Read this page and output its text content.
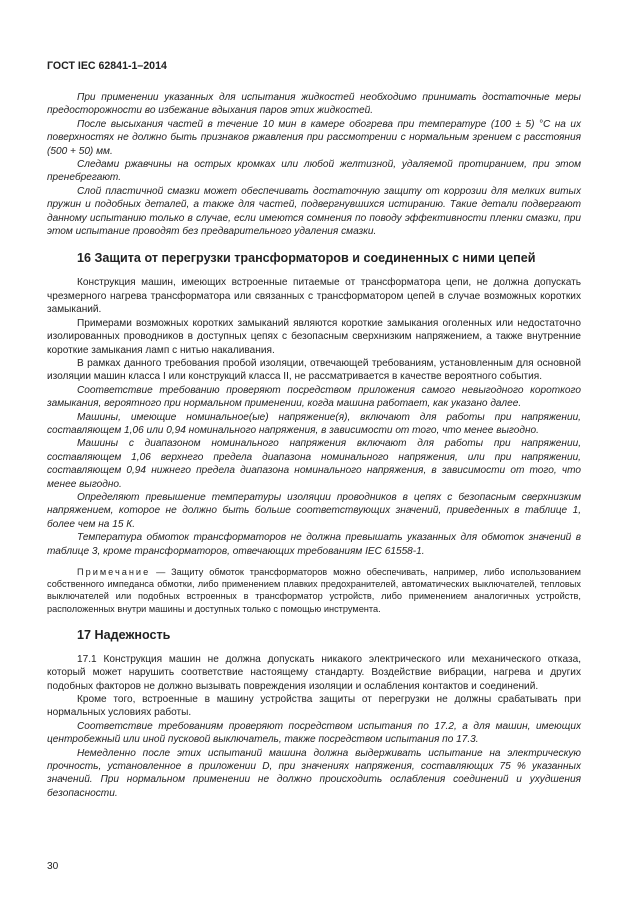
ГОСТ IEC 62841-1–2014

При применении указанных для испытания жидкостей необходимо принимать достаточные меры предосторожности во избежание вдыхания паров этих жидкостей.

После высыхания частей в течение 10 мин в камере обогрева при температуре (100 ± 5) °С на их поверхностях не должно быть признаков ржавления при рассмотрении с нормальным зрением с расстояния (500 + 50) мм.

Следами ржавчины на острых кромках или любой желтизной, удаляемой протиранием, при этом пренебрегают.

Слой пластичной смазки может обеспечивать достаточную защиту от коррозии для мелких витых пружин и подобных деталей, а также для частей, подвергнувшихся истиранию. Такие детали подвергают данному испытанию только в случае, если имеются сомнения по поводу эффективности пленки смазки, при этом испытание проводят без предварительного удаления смазки.

16 Защита от перегрузки трансформаторов и соединенных с ними цепей

Конструкция машин, имеющих встроенные питаемые от трансформатора цепи, не должна допускать чрезмерного нагрева трансформатора или связанных с трансформатором цепей в случае возможных коротких замыканий.

Примерами возможных коротких замыканий являются короткие замыкания оголенных или недостаточно изолированных проводников в доступных цепях с безопасным сверхнизким напряжением, а также внутренние короткие замыкания ламп с нитью накаливания.

В рамках данного требования пробой изоляции, отвечающей требованиям, установленным для основной изоляции машин класса I или конструкций класса II, не рассматривается в качестве вероятного события.

Соответствие требованию проверяют посредством приложения самого невыгодного короткого замыкания, вероятного при нормальном применении, когда машина работает, как указано далее.

Машины, имеющие номинальное(ые) напряжение(я), включают для работы при напряжении, составляющем 1,06 или 0,94 номинального напряжения, в зависимости от того, что менее выгодно.

Машины с диапазоном номинального напряжения включают для работы при напряжении, составляющем 1,06 верхнего предела диапазона номинального напряжения, или при напряжении, составляющем 0,94 нижнего предела диапазона номинального напряжения, в зависимости от того, что менее выгодно.

Определяют превышение температуры изоляции проводников в цепях с безопасным сверхнизким напряжением, которое не должно быть больше соответствующих значений, приведенных в таблице 1, более чем на 15 К.

Температура обмоток трансформаторов не должна превышать указанных для обмоток значений в таблице 3, кроме трансформаторов, отвечающих требованиям IEC 61558-1.

Примечание — Защиту обмоток трансформаторов можно обеспечивать, например, либо использованием собственного импеданса обмотки, либо применением плавких предохранителей, автоматических выключателей, тепловых выключателей или подобных встроенных в трансформатор устройств, либо применением аналогичных устройств, расположенных внутри машины и доступных только с помощью инструмента.

17 Надежность

17.1 Конструкция машин не должна допускать никакого электрического или механического отказа, который может нарушить соответствие настоящему стандарту. Воздействие вибрации, нагрева и других подобных факторов не должно вызывать повреждения изоляции и ослабления контактов и соединений.

Кроме того, встроенные в машину устройства защиты от перегрузки не должны срабатывать при нормальных условиях работы.

Соответствие требованиям проверяют посредством испытания по 17.2, а для машин, имеющих центробежный или иной пусковой выключатель, также посредством испытания по 17.3.

Немедленно после этих испытаний машина должна выдерживать испытание на электрическую прочность, установленное в приложении D, при значениях напряжения, составляющих 75 % указанных значений. При нормальном применении не должно происходить ослабления соединений и ухудшения безопасности.

30
